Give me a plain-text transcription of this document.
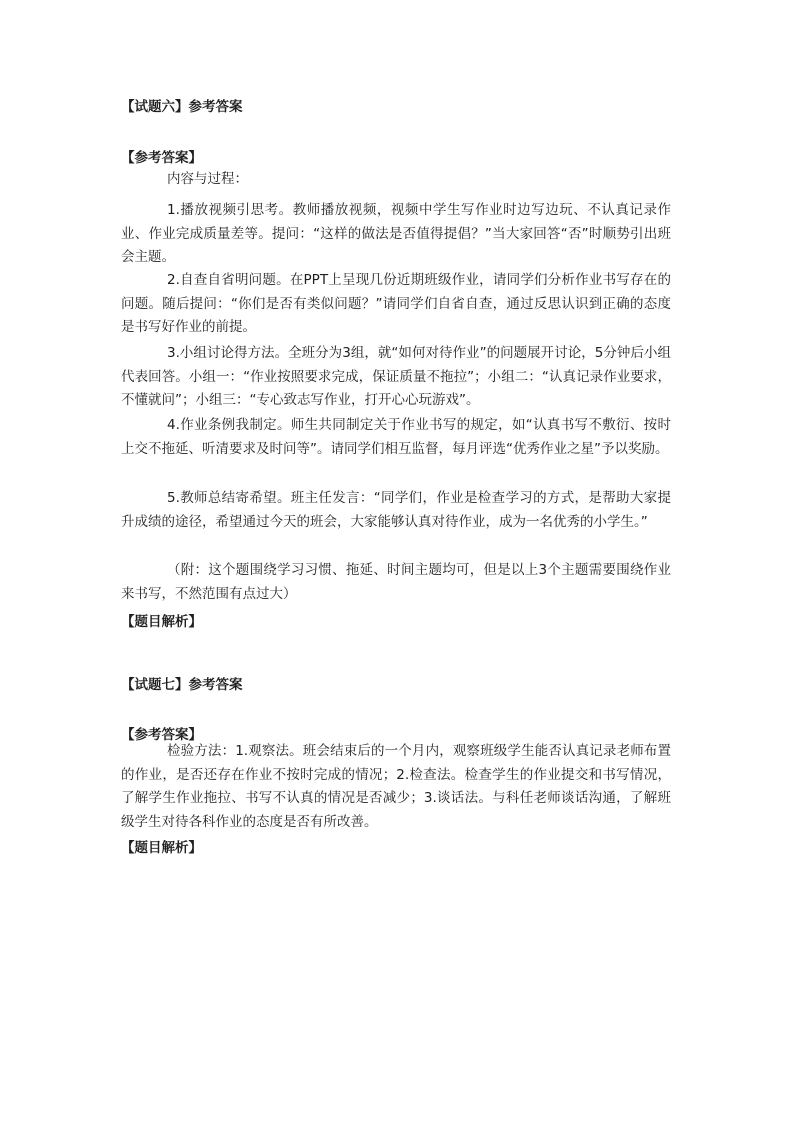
【试题六】参考答案
【参考答案】
内容与过程：
1.播放视频引思考。教师播放视频，视频中学生写作业时边写边玩、不认真记录作业、作业完成质量差等。提问：“这样的做法是否值得提倡？”当大家回答“否”时顺势引出班会主题。
2.自查自省明问题。在PPT上呈现几份近期班级作业，请同学们分析作业书写存在的问题。随后提问：“你们是否有类似问题？”请同学们自省自查，通过反思认识到正确的态度是书写好作业的前提。
3.小组讨论得方法。全班分为3组，就“如何对待作业”的问题展开讨论，5分钟后小组代表回答。小组一：“作业按照要求完成，保证质量不拖拉”；小组二：“认真记录作业要求，不懂就问”；小组三：“专心致志写作业，打开心心玩游戏”。
4.作业条例我制定。师生共同制定关于作业书写的规定，如“认真书写不敷衍、按时上交不拖延、听清要求及时问等”。请同学们相互监督，每月评选“优秀作业之星”予以奖励。
5.教师总结寄希望。班主任发言：“同学们，作业是检查学习的方式，是帮助大家提升成绩的途径，希望通过今天的班会，大家能够认真对待作业，成为一名优秀的小学生。”
（附：这个题围绕学习习惯、拖延、时间主题均可，但是以上3个主题需要围绕作业来书写，不然范围有点过大）
【题目解析】
【试题七】参考答案
【参考答案】
检验方法：1.观察法。班会结束后的一个月内，观察班级学生能否认真记录老师布置的作业，是否还存在作业不按时完成的情况；2.检查法。检查学生的作业提交和书写情况，了解学生作业拖拉、书写不认真的情况是否减少；3.谈话法。与科任老师谈话沟通，了解班级学生对待各科作业的态度是否有所改善。
【题目解析】
